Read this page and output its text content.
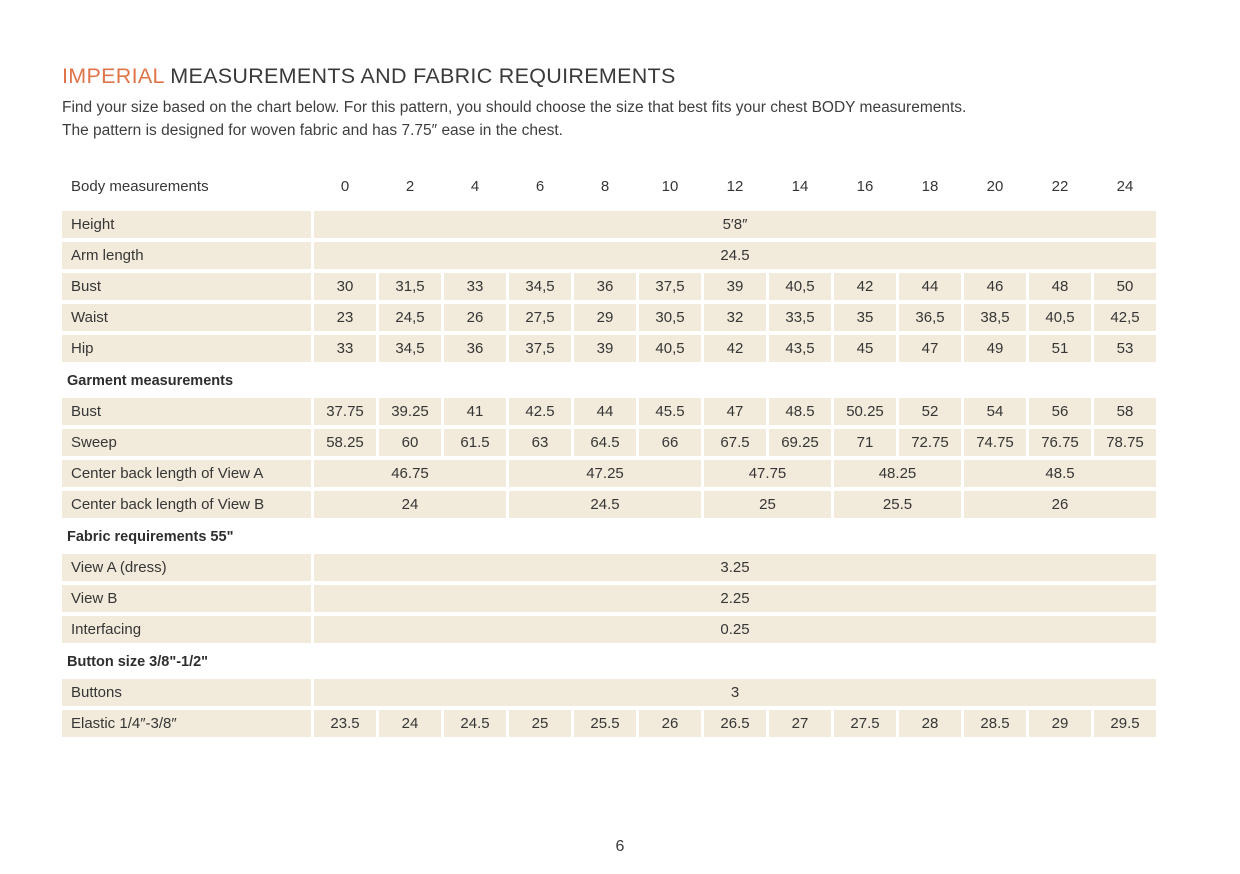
IMPERIAL MEASUREMENTS AND FABRIC REQUIREMENTS
Find your size based on the chart below. For this pattern, you should choose the size that best fits your chest BODY measurements.
The pattern is designed for woven fabric and has 7.75″ ease in the chest.
Body measurements	0	2	4	6	8	10	12	14	16	18	20	22	24
Height	5′8″
Arm length	24.5
Bust	30	31,5	33	34,5	36	37,5	39	40,5	42	44	46	48	50
Waist	23	24,5	26	27,5	29	30,5	32	33,5	35	36,5	38,5	40,5	42,5
Hip	33	34,5	36	37,5	39	40,5	42	43,5	45	47	49	51	53
Garment measurements
Bust	37.75	39.25	41	42.5	44	45.5	47	48.5	50.25	52	54	56	58
Sweep	58.25	60	61.5	63	64.5	66	67.5	69.25	71	72.75	74.75	76.75	78.75
Center back length of View A	46.75	47.25	47.75	48.25	48.5
Center back length of View B	24	24.5	25	25.5	26
Fabric requirements 55"
View A (dress)	3.25
View B	2.25
Interfacing	0.25
Button size 3/8"-1/2"
Buttons	3
Elastic 1/4″-3/8″	23.5	24	24.5	25	25.5	26	26.5	27	27.5	28	28.5	29	29.5
6
